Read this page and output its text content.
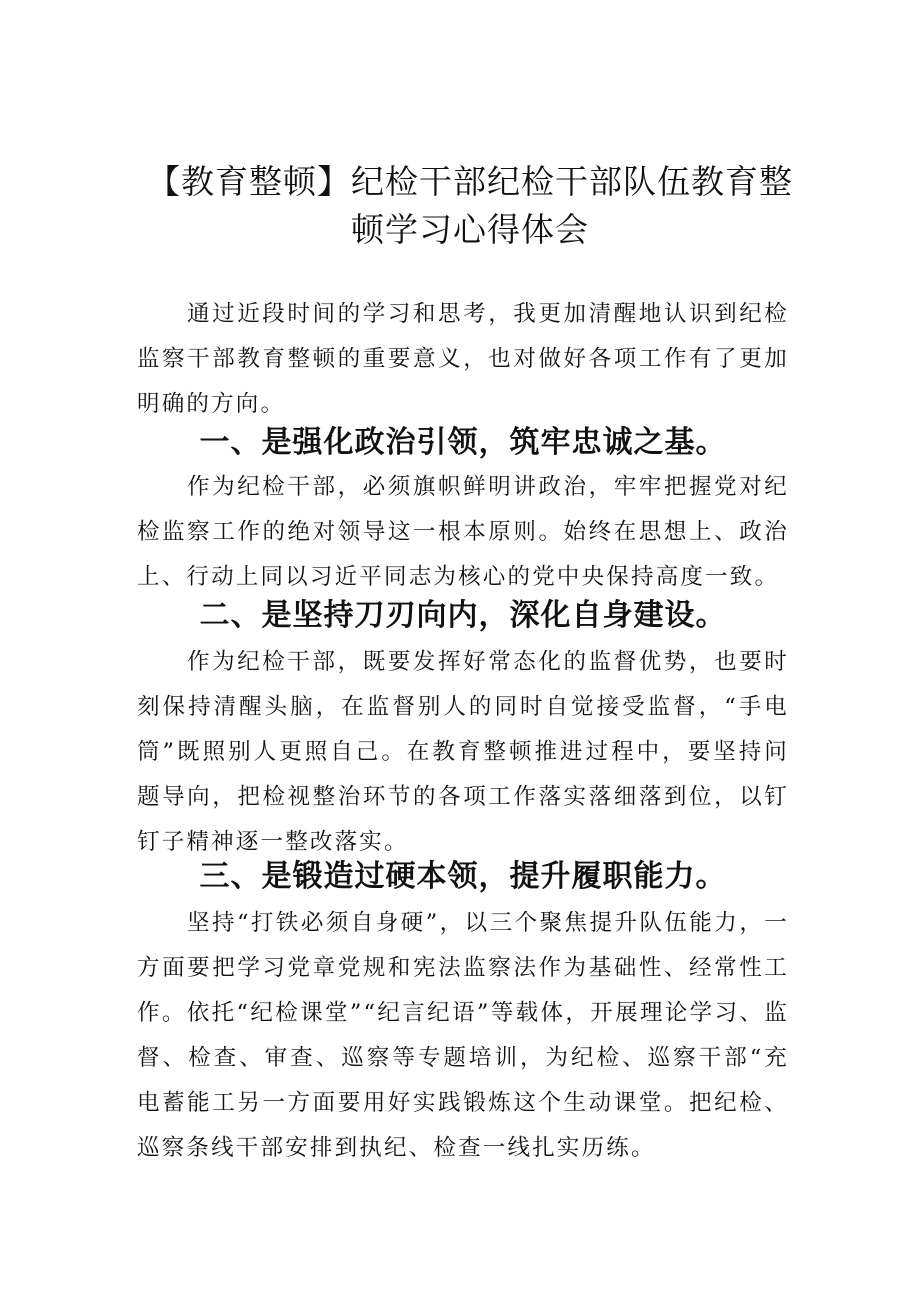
【教育整顿】纪检干部纪检干部队伍教育整顿学习心得体会

通过近段时间的学习和思考，我更加清醒地认识到纪检监察干部教育整顿的重要意义，也对做好各项工作有了更加明确的方向。

一、是强化政治引领，筑牢忠诚之基。

作为纪检干部，必须旗帜鲜明讲政治，牢牢把握党对纪检监察工作的绝对领导这一根本原则。始终在思想上、政治上、行动上同以习近平同志为核心的党中央保持高度一致。

二、是坚持刀刃向内，深化自身建设。

作为纪检干部，既要发挥好常态化的监督优势，也要时刻保持清醒头脑，在监督别人的同时自觉接受监督，“手电筒”既照别人更照自己。在教育整顿推进过程中，要坚持问题导向，把检视整治环节的各项工作落实落细落到位，以钉钉子精神逐一整改落实。

三、是锻造过硬本领，提升履职能力。

坚持“打铁必须自身硬”，以三个聚焦提升队伍能力，一方面要把学习党章党规和宪法监察法作为基础性、经常性工作。依托“纪检课堂”“纪言纪语”等载体，开展理论学习、监督、检查、审查、巡察等专题培训，为纪检、巡察干部“充电蓄能工另一方面要用好实践锻炼这个生动课堂。把纪检、巡察条线干部安排到执纪、检查一线扎实历练。
